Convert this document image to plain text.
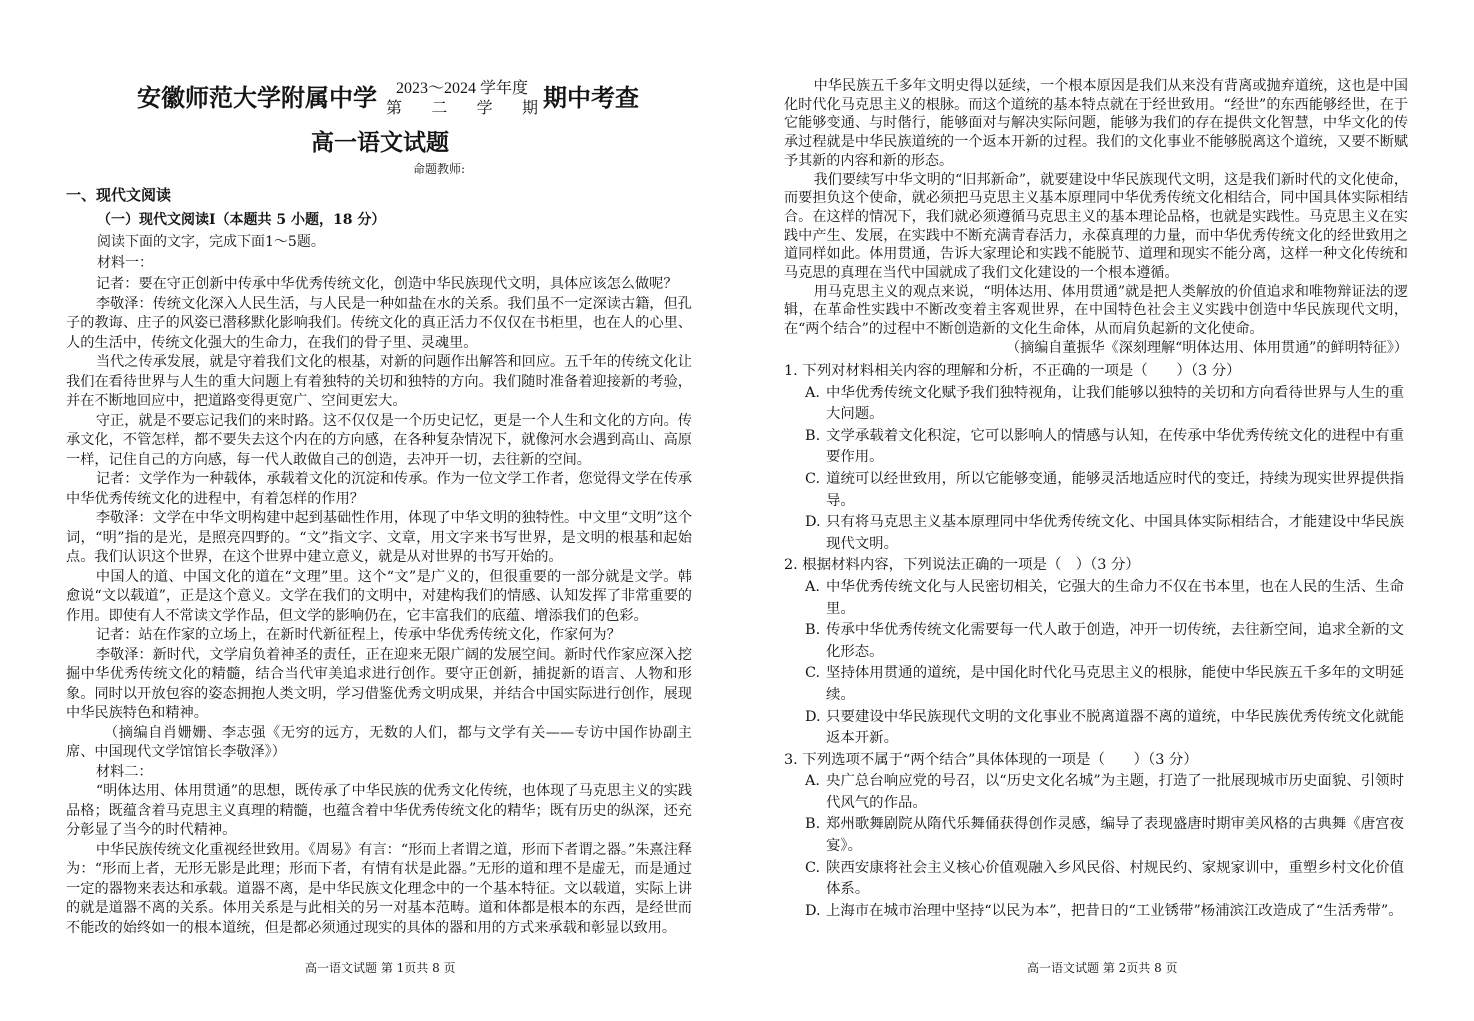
安徽师范大学附属中学	2023～2024 学年度
第 二 学 期 期中考查
高一语文试题
命题教师:
一、现代文阅读
（一）现代文阅读Ⅰ（本题共 5 小题，18 分）
阅读下面的文字，完成下面1～5题。
材料一：

记者：要在守正创新中传承中华优秀传统文化，创造中华民族现代文明，具体应该怎么做呢？

李敬泽：传统文化深入人民生活，与人民是一种如盐在水的关系。我们虽不一定深读古籍，但孔子的教诲、庄子的风姿已潜移默化影响我们。传统文化的真正活力不仅仅在书柜里，也在人的心里、人的生活中，传统文化强大的生命力，在我们的骨子里、灵魂里。

当代之传承发展，就是守着我们文化的根基，对新的问题作出解答和回应。五千年的传统文化让我们在看待世界与人生的重大问题上有着独特的关切和独特的方向。我们随时准备着迎接新的考验，并在不断地回应中，把道路变得更宽广、空间更宏大。

守正，就是不要忘记我们的来时路。这不仅仅是一个历史记忆，更是一个人生和文化的方向。传承文化，不管怎样，都不要失去这个内在的方向感，在各种复杂情况下，就像河水会遇到高山、高原一样，记住自己的方向感，每一代人敢做自己的创造，去冲开一切，去往新的空间。

记者：文学作为一种载体，承载着文化的沉淀和传承。作为一位文学工作者，您觉得文学在传承中华优秀传统文化的进程中，有着怎样的作用？

李敬泽：文学在中华文明构建中起到基础性作用，体现了中华文明的独特性。中文里“文明”这个词，“明”指的是光，是照亮四野的。“文”指文字、文章，用文字来书写世界，是文明的根基和起始点。我们认识这个世界，在这个世界中建立意义，就是从对世界的书写开始的。

中国人的道、中国文化的道在“文理”里。这个“文”是广义的，但很重要的一部分就是文学。韩愈说“文以载道”，正是这个意义。文学在我们的文明中，对建构我们的情感、认知发挥了非常重要的作用。即使有人不常读文学作品，但文学的影响仍在，它丰富我们的底蕴、增添我们的色彩。

记者：站在作家的立场上，在新时代新征程上，传承中华优秀传统文化，作家何为？

李敬泽：新时代，文学肩负着神圣的责任，正在迎来无限广阔的发展空间。新时代作家应深入挖掘中华优秀传统文化的精髓，结合当代审美追求进行创作。要守正创新，捕捉新的语言、人物和形象。同时以开放包容的姿态拥抱人类文明，学习借鉴优秀文明成果，并结合中国实际进行创作，展现中华民族特色和精神。

（摘编自肖姗姗、李志强《无穷的远方，无数的人们，都与文学有关——专访中国作协副主席、中国现代文学馆馆长李敬泽》）

材料二：

“明体达用、体用贯通”的思想，既传承了中华民族的优秀文化传统，也体现了马克思主义的实践品格；既蕴含着马克思主义真理的精髓，也蕴含着中华优秀传统文化的精华；既有历史的纵深，还充分彰显了当今的时代精神。

中华民族传统文化重视经世致用。《周易》有言：“形而上者谓之道，形而下者谓之器。”朱熹注释为：“形而上者，无形无影是此理；形而下者，有情有状是此器。”无形的道和理不是虚无，而是通过一定的器物来表达和承载。道器不离，是中华民族文化理念中的一个基本特征。文以载道，实际上讲的就是道器不离的关系。体用关系是与此相关的另一对基本范畴。道和体都是根本的东西，是经世而不能改的始终如一的根本道统，但是都必须通过现实的具体的器和用的方式来承载和彰显以致用。

高一语文试题 第 1页共 8 页

中华民族五千多年文明史得以延续，一个根本原因是我们从来没有背离或抛弃道统，这也是中国化时代化马克思主义的根脉。而这个道统的基本特点就在于经世致用。“经世”的东西能够经世，在于它能够变通、与时偕行，能够面对与解决实际问题，能够为我们的存在提供文化智慧，中华文化的传承过程就是中华民族道统的一个返本开新的过程。我们的文化事业不能够脱离这个道统，又要不断赋予其新的内容和新的形态。

我们要续写中华文明的“旧邦新命”，就要建设中华民族现代文明，这是我们新时代的文化使命，而要担负这个使命，就必须把马克思主义基本原理同中华优秀传统文化相结合，同中国具体实际相结合。在这样的情况下，我们就必须遵循马克思主义的基本理论品格，也就是实践性。马克思主义在实践中产生、发展，在实践中不断充满青春活力，永葆真理的力量，而中华优秀传统文化的经世致用之道同样如此。体用贯通，告诉大家理论和实践不能脱节、道理和现实不能分离，这样一种文化传统和马克思的真理在当代中国就成了我们文化建设的一个根本遵循。

用马克思主义的观点来说，“明体达用、体用贯通”就是把人类解放的价值追求和唯物辩证法的逻辑，在革命性实践中不断改变着主客观世界，在中国特色社会主义实践中创造中华民族现代文明，在“两个结合”的过程中不断创造新的文化生命体，从而肩负起新的文化使命。

（摘编自董振华《深刻理解“明体达用、体用贯通”的鲜明特征》）

1. 下列对材料相关内容的理解和分析，不正确的一项是（　　）（3 分）

A. 中华优秀传统文化赋予我们独特视角，让我们能够以独特的关切和方向看待世界与人生的重大问题。
B. 文学承载着文化积淀，它可以影响人的情感与认知，在传承中华优秀传统文化的进程中有重要作用。
C. 道统可以经世致用，所以它能够变通，能够灵活地适应时代的变迁，持续为现实世界提供指导。
D. 只有将马克思主义基本原理同中华优秀传统文化、中国具体实际相结合，才能建设中华民族现代文明。

2. 根据材料内容，下列说法正确的一项是（　）（3 分）

A. 中华优秀传统文化与人民密切相关，它强大的生命力不仅在书本里，也在人民的生活、生命里。
B. 传承中华优秀传统文化需要每一代人敢于创造，冲开一切传统，去往新空间，追求全新的文化形态。
C. 坚持体用贯通的道统，是中国化时代化马克思主义的根脉，能使中华民族五千多年的文明延续。
D. 只要建设中华民族现代文明的文化事业不脱离道器不离的道统，中华民族优秀传统文化就能返本开新。

3. 下列选项不属于“两个结合”具体体现的一项是（　　）（3 分）

A. 央广总台响应党的号召，以“历史文化名城”为主题，打造了一批展现城市历史面貌、引领时代风气的作品。
B. 郑州歌舞剧院从隋代乐舞俑获得创作灵感，编导了表现盛唐时期审美风格的古典舞《唐宫夜宴》。
C. 陕西安康将社会主义核心价值观融入乡风民俗、村规民约、家规家训中，重塑乡村文化价值体系。
D. 上海市在城市治理中坚持“以民为本”，把昔日的“工业锈带”杨浦滨江改造成了“生活秀带”。
高一语文试题 第 2页共 8 页
